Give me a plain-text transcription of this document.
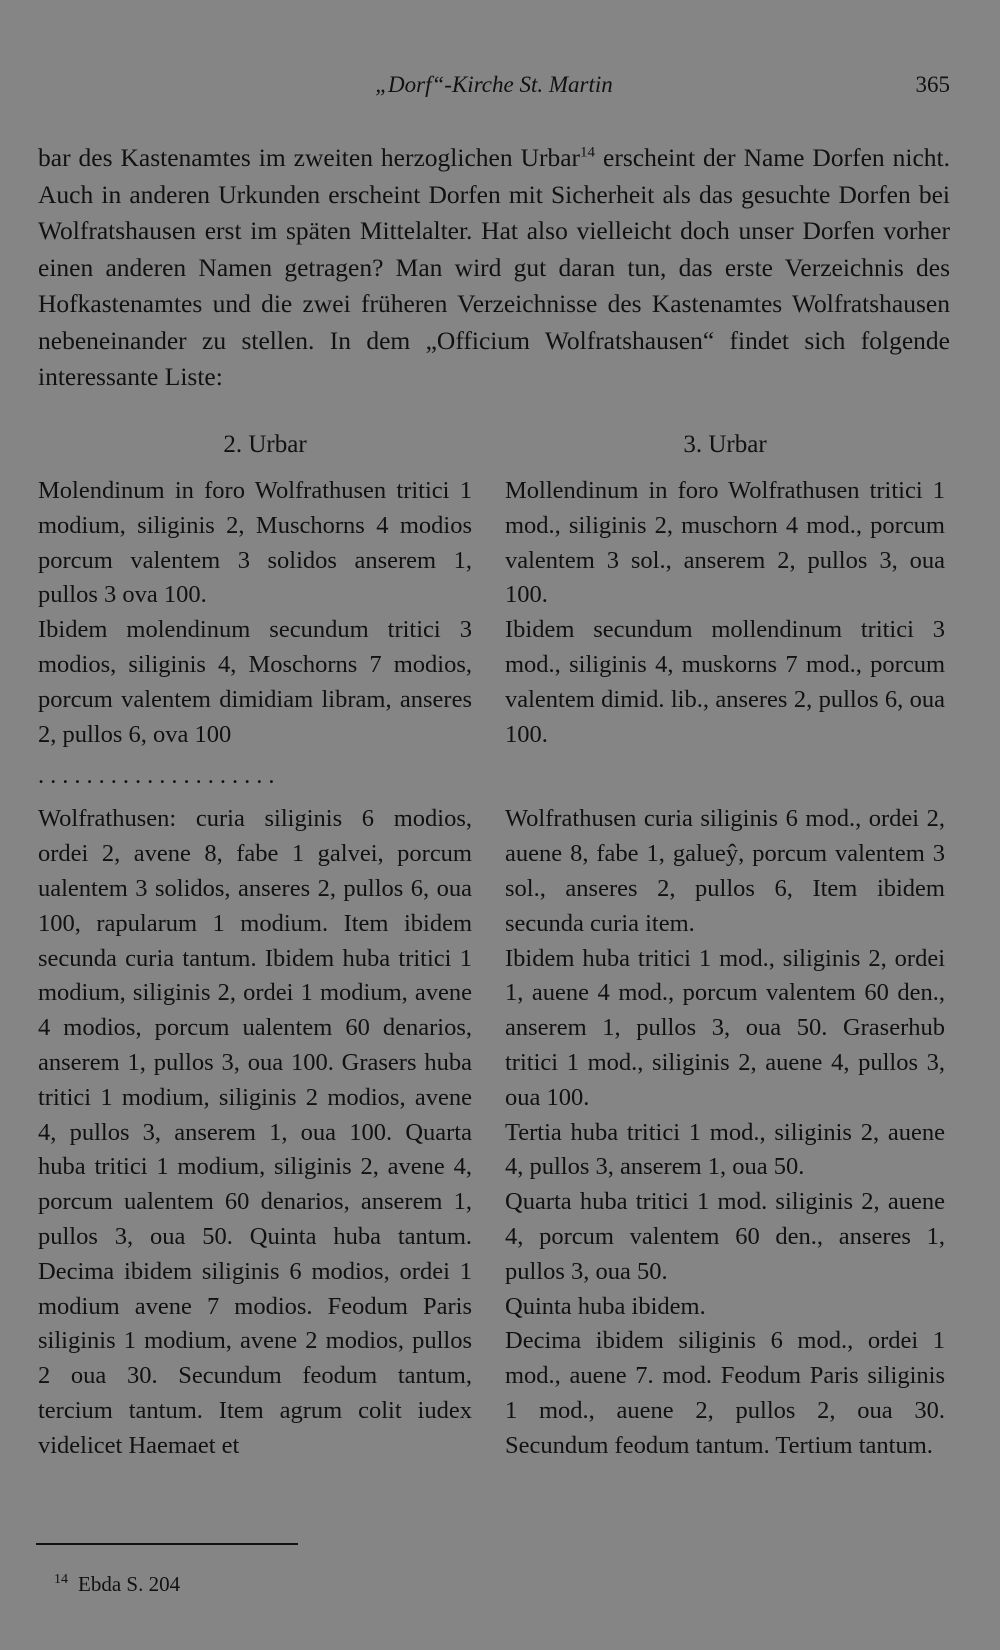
„Dorf“-Kirche St. Martin	365

bar des Kastenamtes im zweiten herzoglichen Urbar$^{14}$ erscheint der Name Dorfen nicht. Auch in anderen Urkunden erscheint Dorfen mit Sicherheit als das gesuchte Dorfen bei Wolfratshausen erst im späten Mittelalter. Hat also vielleicht doch unser Dorfen vorher einen anderen Namen getragen? Man wird gut daran tun, das erste Verzeichnis des Hofkastenamtes und die zwei früheren Verzeichnisse des Kastenamtes Wolfratshausen nebeneinander zu stellen. In dem „Officium Wolfratshausen“ findet sich folgende interessante Liste:

2. Urbar

Molendinum in foro Wolfrathusen tritici 1 modium, siliginis 2, Muschorns 4 modios porcum valentem 3 solidos anserem 1, pullos 3 ova 100.

Ibidem molendinum secundum tritici 3 modios, siliginis 4, Moschorns 7 modios, porcum valentem dimidiam libram, anseres 2, pullos 6, ova 100

....................

Wolfrathusen: curia siliginis 6 modios, ordei 2, avene 8, fabe 1 galvei, porcum ualentem 3 solidos, anseres 2, pullos 6, oua 100, rapularum 1 modium. Item ibidem secunda curia tantum. Ibidem huba tritici 1 modium, siliginis 2, ordei 1 modium, avene 4 modios, porcum ualentem 60 denarios, anserem 1, pullos 3, oua 100. Grasers huba tritici 1 modium, siliginis 2 modios, avene 4, pullos 3, anserem 1, oua 100. Quarta huba tritici 1 modium, siliginis 2, avene 4, porcum ualentem 60 denarios, anserem 1, pullos 3, oua 50. Quinta huba tantum. Decima ibidem siliginis 6 modios, ordei 1 modium avene 7 modios. Feodum Paris siliginis 1 modium, avene 2 modios, pullos 2 oua 30. Secundum feodum tantum, tercium tantum. Item agrum colit iudex videlicet Haemaet et

3. Urbar

Mollendinum in foro Wolfrathusen tritici 1 mod., siliginis 2, muschorn 4 mod., porcum valentem 3 sol., anserem 2, pullos 3, oua 100.

Ibidem secundum mollendinum tritici 3 mod., siliginis 4, muskorns 7 mod., porcum valentem dimid. lib., anseres 2, pullos 6, oua 100.

Wolfrathusen curia siliginis 6 mod., ordei 2, auene 8, fabe 1, galueŷ, porcum valentem 3 sol., anseres 2, pullos 6, Item ibidem secunda curia item.

Ibidem huba tritici 1 mod., siliginis 2, ordei 1, auene 4 mod., porcum valentem 60 den., anserem 1, pullos 3, oua 50. Graserhub tritici 1 mod., siliginis 2, auene 4, pullos 3, oua 100.

Tertia huba tritici 1 mod., siliginis 2, auene 4, pullos 3, anserem 1, oua 50.

Quarta huba tritici 1 mod. siliginis 2, auene 4, porcum valentem 60 den., anseres 1, pullos 3, oua 50.

Quinta huba ibidem.

Decima ibidem siliginis 6 mod., ordei 1 mod., auene 7. mod. Feodum Paris siliginis 1 mod., auene 2, pullos 2, oua 30. Secundum feodum tantum. Tertium tantum.

$^{14}$ Ebda S. 204
